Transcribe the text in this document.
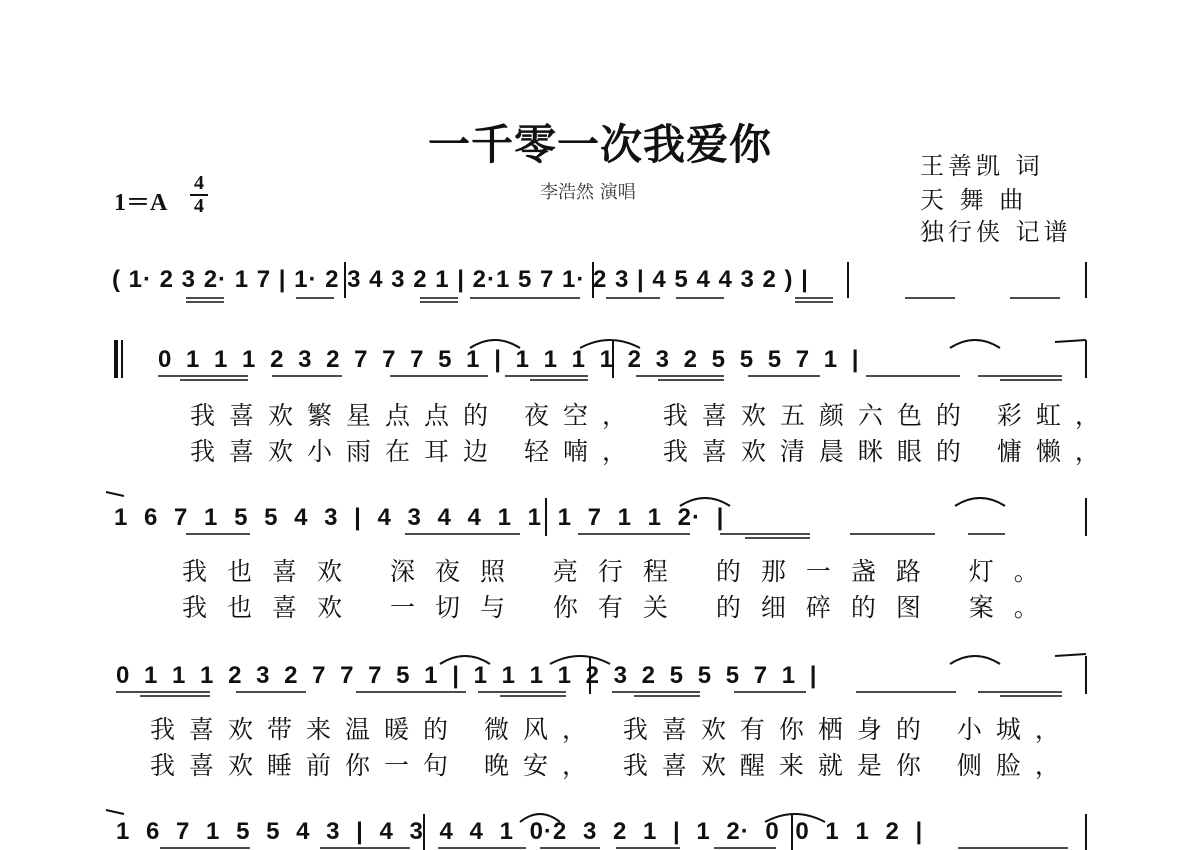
一千零一次我爱你
李浩然 演唱
王善凯 词
天 舞 曲
独行侠 记谱
1＝A
4
4
( 1· 2 3 2· 1 7 | 1· 2 3 4 3 2 1 | 2·1 5 7 1· 2 3 | 4 5 4 4 3 2 ) |
0 1 1 1 2 3 2 7 7 7 5 1 | 1 1 1 1 2 3 2 5 5 5 7 1 |
我喜欢繁星点点的 夜空， 我喜欢五颜六色的 彩虹，
我喜欢小雨在耳边 轻喃， 我喜欢清晨眯眼的 慵懒，
1 6 7 1 5 5 4 3 | 4 3 4 4 1 1 1 7 1 1 2· |
我也喜欢 深夜照 亮行程 的那一盏路 灯。
我也喜欢 一切与 你有关 的细碎的图 案。
0 1 1 1 2 3 2 7 7 7 5 1 | 1 1 1 1 2 3 2 5 5 5 7 1 |
我喜欢带来温暖的 微风， 我喜欢有你栖身的 小城，
我喜欢睡前你一句 晚安， 我喜欢醒来就是你 侧脸，
1 6 7 1 5 5 4 3 | 4 3 4 4 1 0·2 3 2 1 | 1 2· 0 0 1 1 2 |
